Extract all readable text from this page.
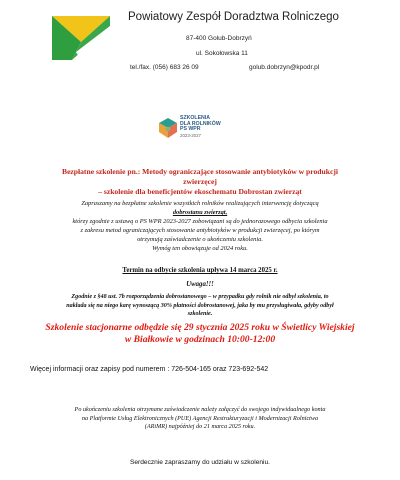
Powiatowy Zespół Doradztwa Rolniczego
87-400 Golub-Dobrzyń
ul. Sokołowska 11
tel./fax. (056) 683 26 09	golub.dobrzyn@kpodr.pl
SZKOLENIA
DLA ROLNIKÓW
PS WPR
2023-2027
Bezpłatne szkolenie pn.: Metody ograniczające stosowanie antybiotyków w produkcji
zwierzęcej
– szkolenie dla beneficjentów ekoschematu Dobrostan zwierząt
Zapraszamy na bezpłatne szkolenie wszystkich rolników realizujących interwencję dotyczącą
dobrostanu zwierząt,
którzy zgodnie z ustawą o PS WPR 2023-2027 zobowiązani są do jednorazowego odbycia szkolenia
z zakresu metod ograniczających stosowanie antybiotyków w produkcji zwierzęcej, po którym
otrzymują zaświadczenie o ukończeniu szkolenia.
Wymóg ten obowiązuje od 2024 roku.
Termin na odbycie szkolenia upływa 14 marca 2025 r.
Uwaga!!!
Zgodnie z §48 ust. 7b rozporządzenia dobrostanowego – w przypadku gdy rolnik nie odbył szkolenia, to
nakłada się na niego karę wynoszącą 30% płatności dobrostanowej, jaka by mu przysługiwała, gdyby odbył
szkolenie.
Szkolenie stacjonarne odbędzie się 29 stycznia 2025 roku w Świetlicy Wiejskiej
w Białkowie w godzinach 10:00-12:00
Więcej informacji oraz zapisy pod numerem : 726-504-165 oraz 723-692-542
Po ukończeniu szkolenia otrzymane zaświadczenie należy załączyć do swojego indywidualnego konta
na Platformie Usług Elektronicznych (PUE) Agencji Restrukturyzacji i Modernizacji Rolnictwa
(ARiMR) najpóźniej do 21 marca 2025 roku.
Serdecznie zapraszamy do udziału w szkoleniu.
